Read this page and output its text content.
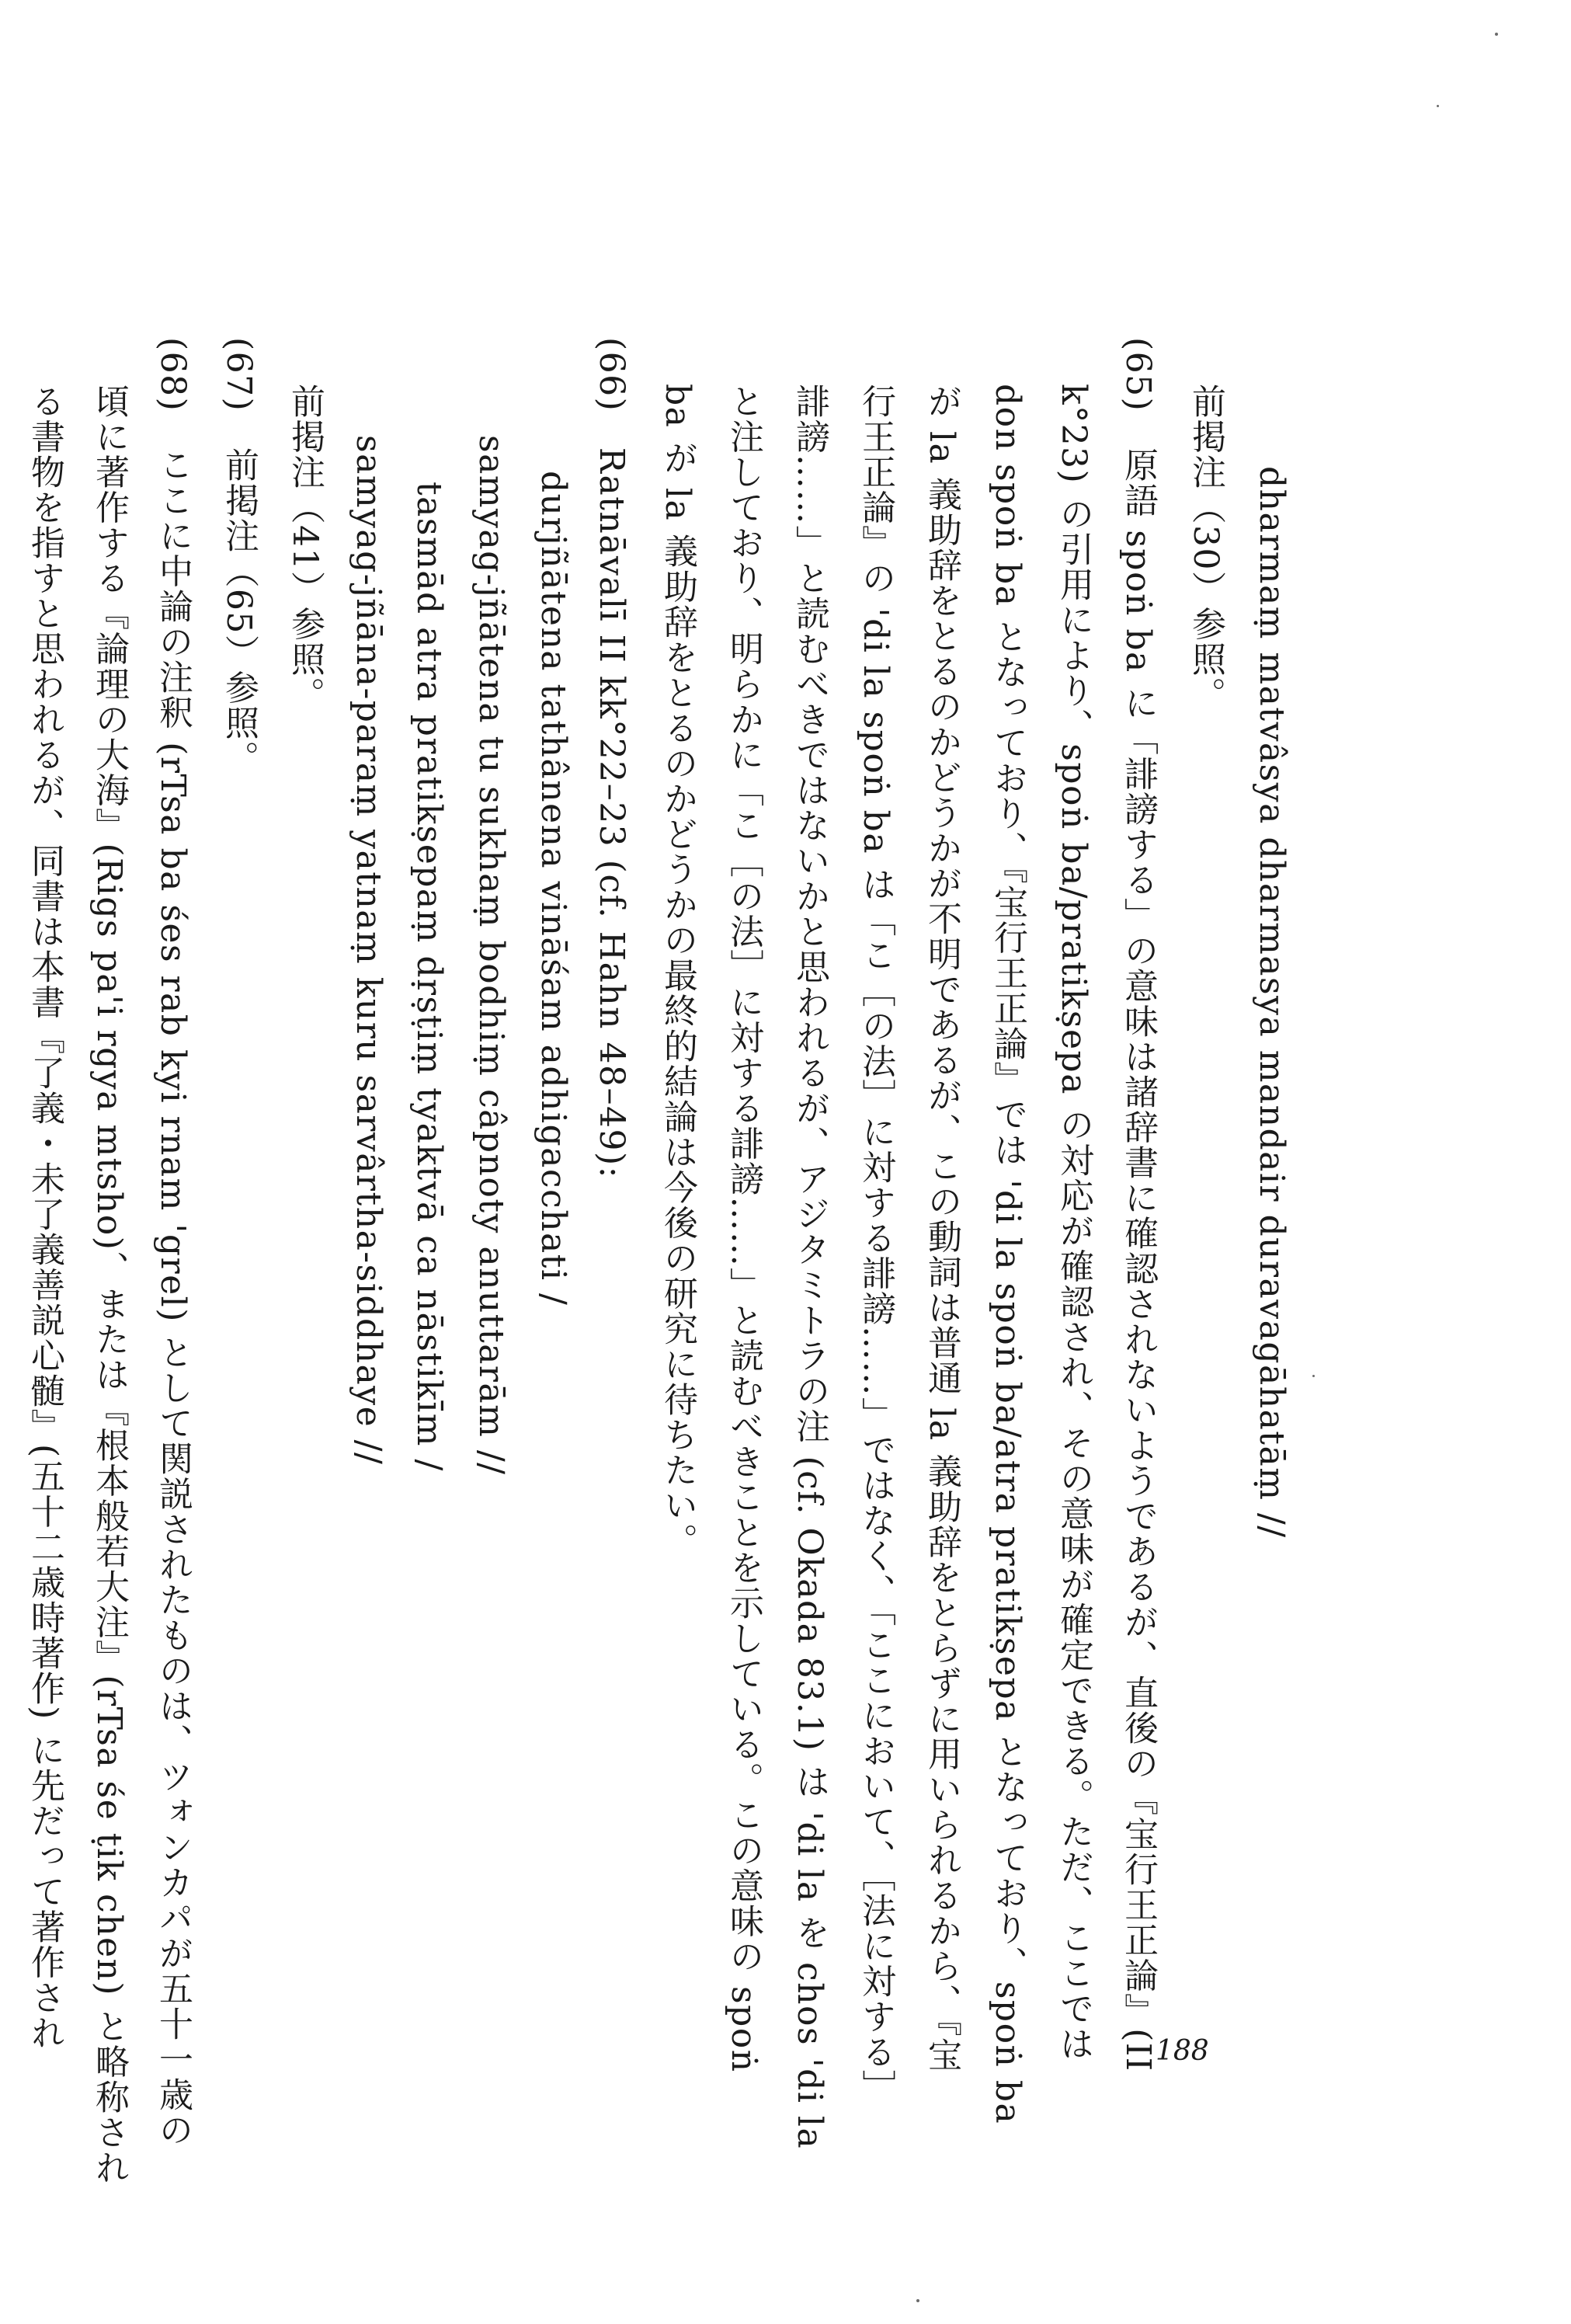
dharmaṃ matvâsya dharmasya mandair duravagāhatāṃ //
前掲注（30）参照。
(65)　原語 spoṅ ba に「誹謗する」の意味は諸辞書に確認されないようであるが、直後の『宝行王正論』(II
k°23) の引用により、spoṅ ba/pratikṣepa の対応が確認され、その意味が確定できる。ただ、ここでは
don spoṅ ba となっており、『宝行王正論』では 'di la spoṅ ba/atra pratikṣepa となっており、spoṅ ba
が la 義助辞をとるのかどうかが不明であるが、この動詞は普通 la 義助辞をとらずに用いられるから、『宝
行王正論』の 'di la spoṅ ba は「こ［の法］に対する誹謗……」ではなく、「ここにおいて、［法に対する］
誹謗……」と読むべきではないかと思われるが、アジタミトラの注 (cf. Okada 83.1) は 'di la を chos 'di la
と注しており、明らかに「こ［の法］に対する誹謗……」と読むべきことを示している。この意味の spoṅ
ba が la 義助辞をとるのかどうかの最終的結論は今後の研究に待ちたい。
(66)　Ratnāvalī II kk°22–23 (cf. Hahn 48–49):
durjñātena tathânena vināśam adhigacchati /
samyag-jñātena tu sukhaṃ bodhiṃ câpnoty anuttarām //
tasmād atra pratikṣepaṃ dṛṣṭiṃ tyaktvā ca nāstikīm /
samyag-jñāna-paraṃ yatnaṃ kuru sarvârtha-siddhaye //
前掲注（41）参照。
(67)　前掲注（65）参照。
(68)　ここに中論の注釈 (rTsa ba śes rab kyi rnam 'grel) として関説されたものは、ツォンカパが五十一歳の
頃に著作する『論理の大海』(Rigs pa'i rgya mtsho)、または『根本般若大注』(rTsa śe ṭik chen) と略称され
る書物を指すと思われるが、同書は本書『了義・未了義善説心髄』(五十二歳時著作) に先だって著作され
188
